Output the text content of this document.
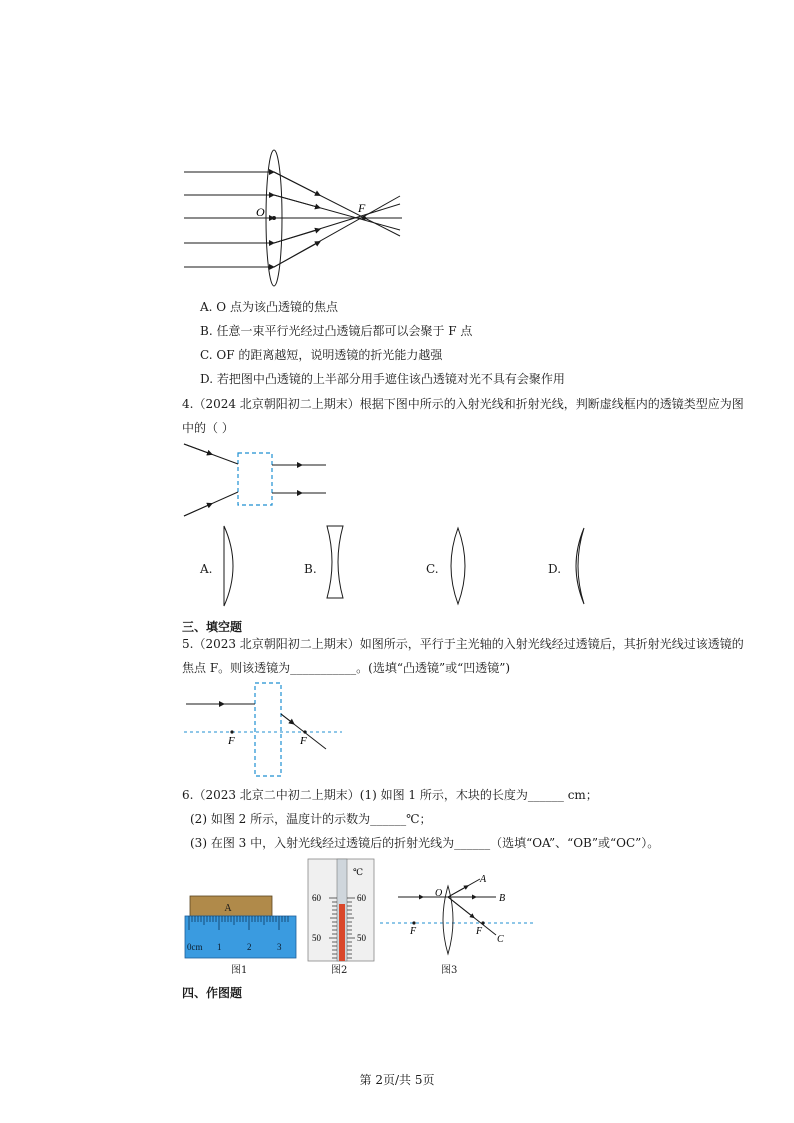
O	F
A. O 点为该凸透镜的焦点
B. 任意一束平行光经过凸透镜后都可以会聚于 F 点
C. OF 的距离越短，说明透镜的折光能力越强
D. 若把图中凸透镜的上半部分用手遮住该凸透镜对光不具有会聚作用
4.（2024 北京朝阳初二上期末）根据下图中所示的入射光线和折射光线，判断虚线框内的透镜类型应为图
中的（ ）
A.	B.	C.	D.
三、填空题
5.（2023 北京朝阳初二上期末）如图所示，平行于主光轴的入射光线经过透镜后，其折射光线过该透镜的
焦点 F。则该透镜为___________。(选填“凸透镜”或“凹透镜”)
F	F
6.（2023 北京二中初二上期末）(1) 如图 1 所示，木块的长度为______ cm；
(2) 如图 2 所示，温度计的示数为______℃；
(3) 在图 3 中，入射光线经过透镜后的折射光线为______（选填“OA”、“OB”或“OC”）。
A
0cm 1	2	3
图1
℃
60	60
50	50
图2
O
A
B
F	F
C
图3
四、作图题
第 2页/共 5页
